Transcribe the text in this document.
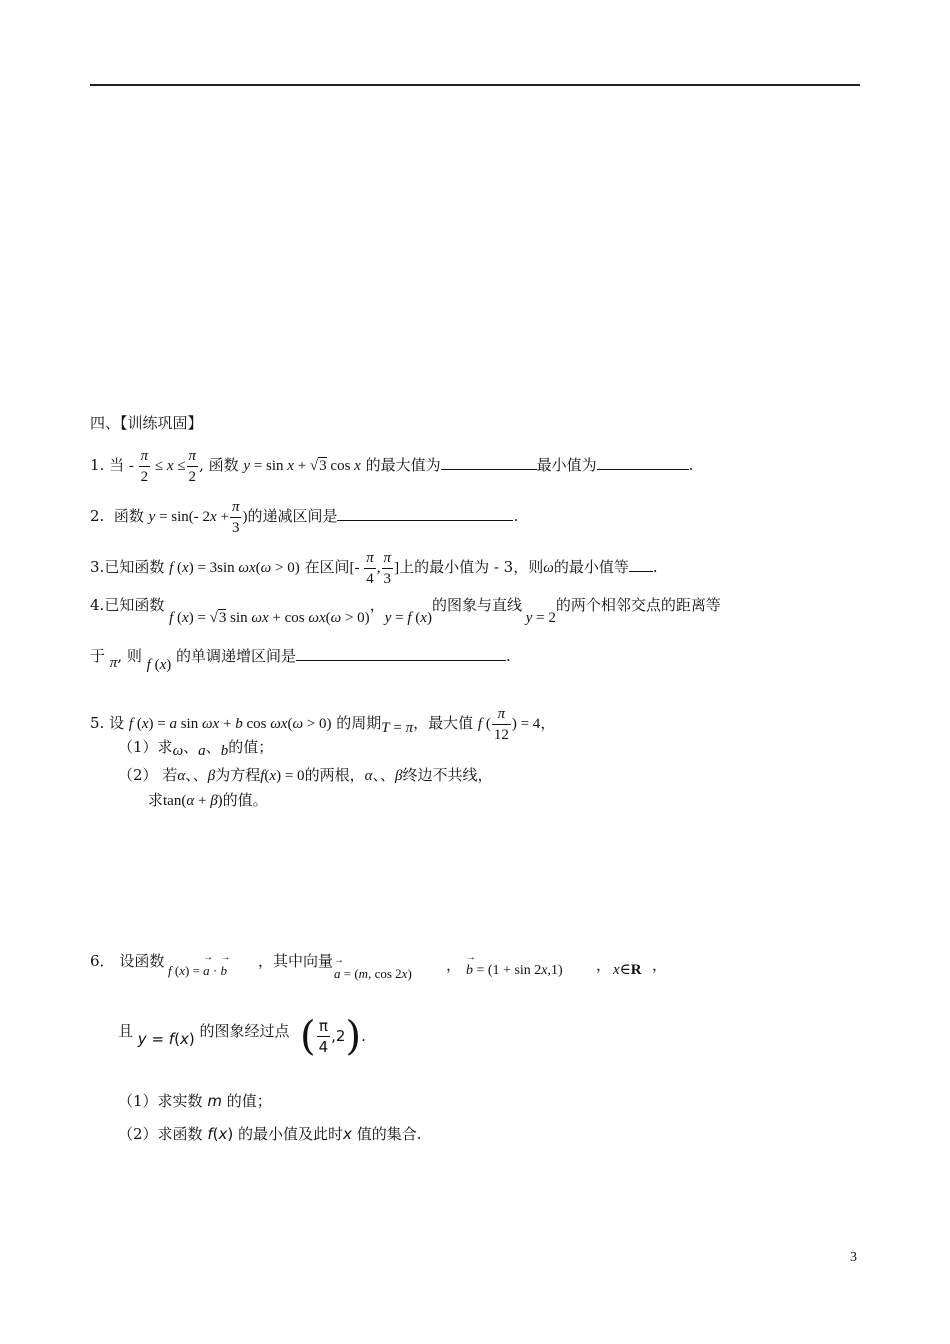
四、【训练巩固】
1. 当 - $\frac{\pi}{2} \le x \le \frac{\pi}{2}$ , 函数 y = sin x + √3 cos x 的最大值为	最小值为	.
2. 函数 y = sin(- $2x + \frac{\pi}{3}$ )的递减区间是	.
3.已知函数 f (x) = 3sin ωx(ω > 0) 在区间[- $\frac{\pi}{4}$ , $\frac{\pi}{3}$ ]上的最小值为 - 3，则ω的最小值等 .
4.已知函数 f (x) = √3 sin ωx + cos ωx(ω > 0)，y = f (x)的图象与直线 y = 2的两个相邻交点的距离等
于 π, 则 f (x) 的单调递增区间是	.
5. 设 f (x) = a sin ωx + b cos ωx(ω > 0) 的周期T = π，最大值 f ( $\frac{\pi}{12}$ ) = 4，
（1）求ω、a、b的值；
（2） 若α、、β为方程f(x) = 0的两根，α、、β终边不共线，
求tan(α + β)的值。
6． 设函数
f (x) = → a · → b
，其中向量
→ a = (m, cos 2x) ，
→ b = (1 + sin 2x,1) ， x∈R ，
且 y = f(x) 的图象经过点 ( $\frac{\pi}{4} ,2$).
（1）求实数 m 的值；
（2）求函数 f(x) 的最小值及此时x 值的集合.
3
